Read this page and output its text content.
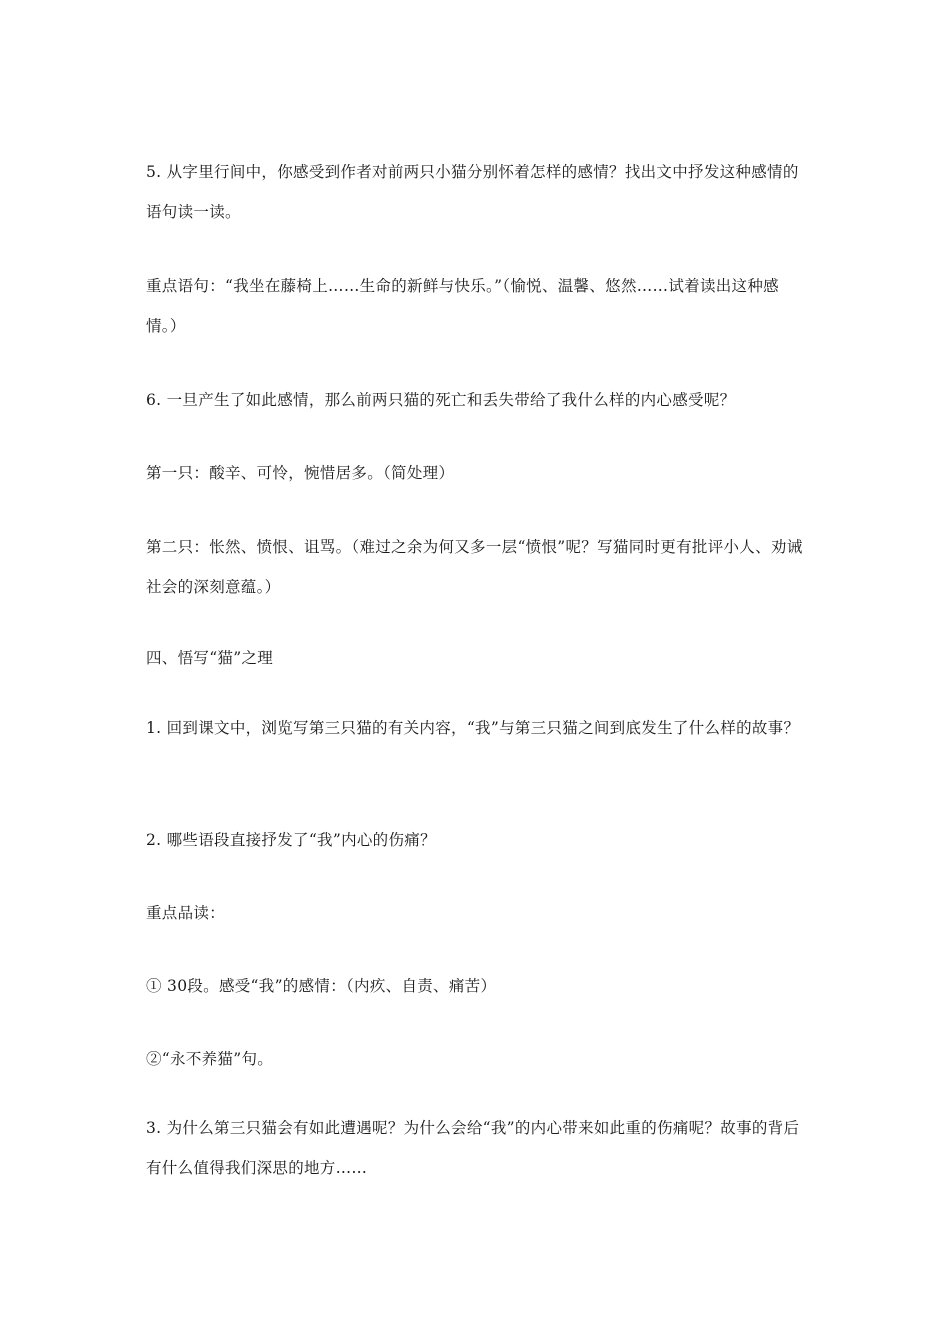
5. 从字里行间中，你感受到作者对前两只小猫分别怀着怎样的感情？找出文中抒发这种感情的语句读一读。

重点语句：“我坐在藤椅上……生命的新鲜与快乐。”（愉悦、温馨、悠然……试着读出这种感情。）

6. 一旦产生了如此感情，那么前两只猫的死亡和丢失带给了我什么样的内心感受呢？

第一只：酸辛、可怜，惋惜居多。（简处理）

第二只：怅然、愤恨、诅骂。（难过之余为何又多一层“愤恨”呢？写猫同时更有批评小人、劝诫社会的深刻意蕴。）

四、悟写“猫”之理

1. 回到课文中，浏览写第三只猫的有关内容，“我”与第三只猫之间到底发生了什么样的故事？

2. 哪些语段直接抒发了“我”内心的伤痛？

重点品读：

① 30段。感受“我”的感情：（内疚、自责、痛苦）

②“永不养猫”句。

3. 为什么第三只猫会有如此遭遇呢？为什么会给“我”的内心带来如此重的伤痛呢？故事的背后有什么值得我们深思的地方……
